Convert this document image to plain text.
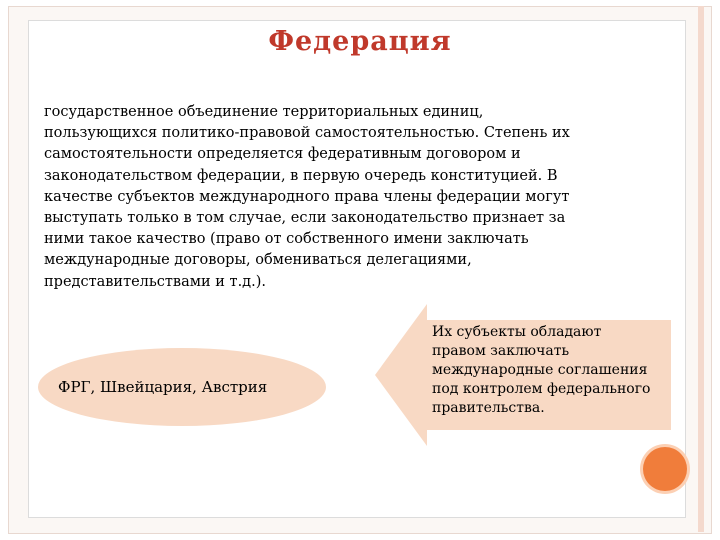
Федерация
государственное объединение территориальных единиц,
пользующихся политико-правовой самостоятельностью. Степень их
самостоятельности определяется федеративным договором и
законодательством федерации, в первую очередь конституцией. В
качестве субъектов международного права члены федерации могут
выступать только в том случае, если законодательство признает за
ними такое качество (право от собственного имени заключать
международные договоры, обмениваться делегациями,
представительствами и т.д.).
ФРГ, Швейцария, Австрия
Их субъекты обладают
правом заключать
международные соглашения
под контролем федерального
правительства.
